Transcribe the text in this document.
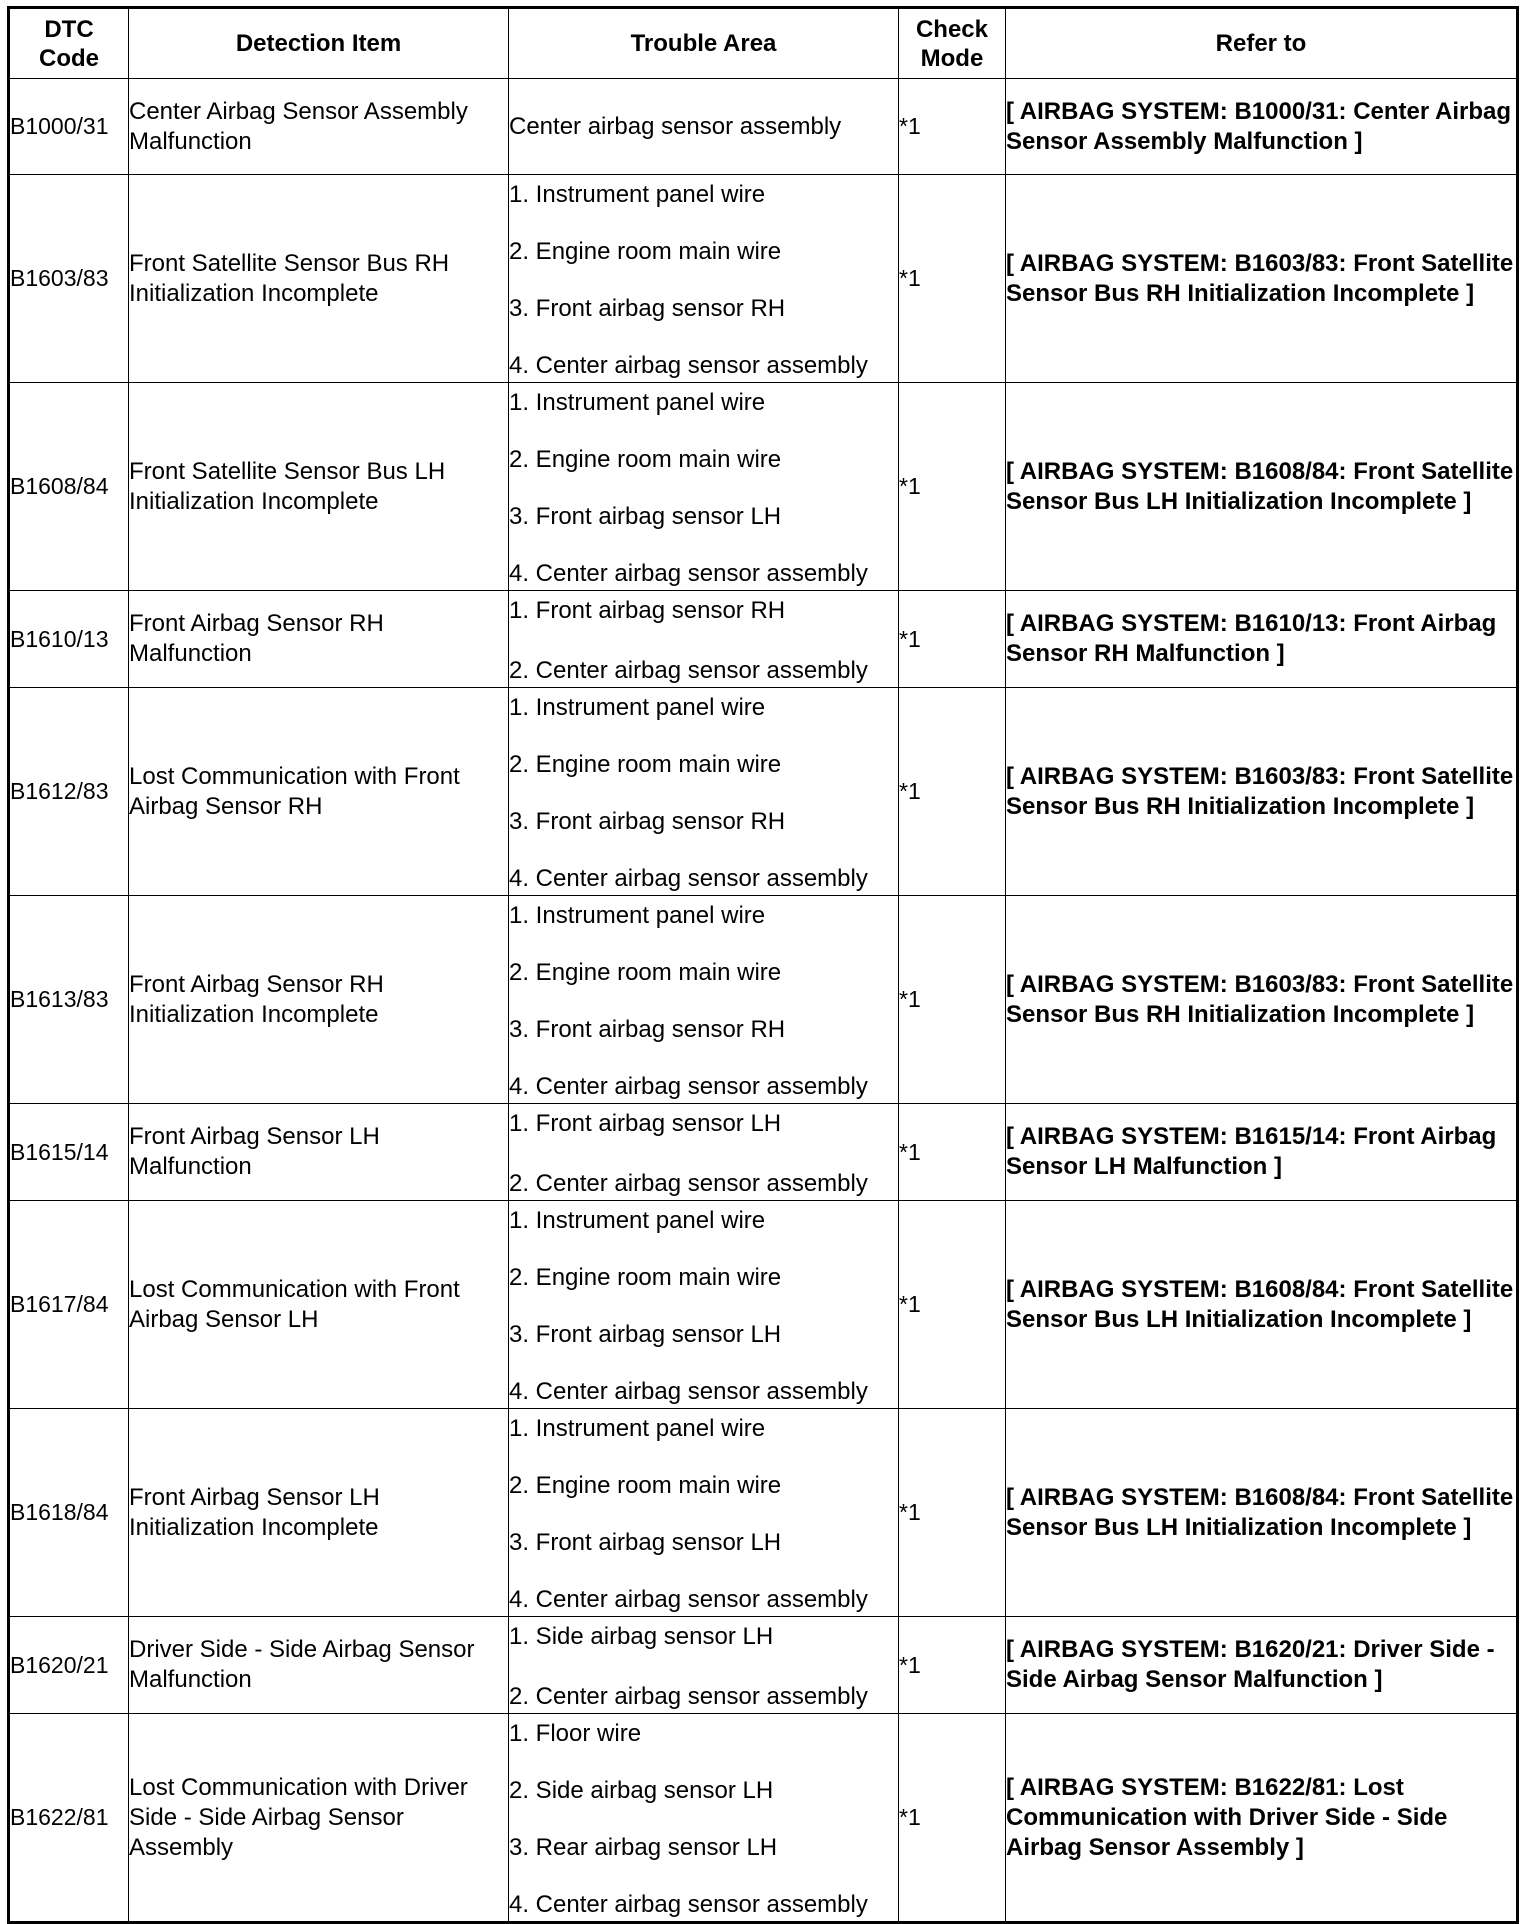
DTC
Code	Detection Item	Trouble Area	Check
Mode	Refer to
B1000/31	Center Airbag Sensor Assembly Malfunction	Center airbag sensor assembly	*1	[ AIRBAG SYSTEM: B1000/31: Center Airbag Sensor Assembly Malfunction ]
B1603/83	Front Satellite Sensor Bus RH Initialization Incomplete	1. Instrument panel wire
2. Engine room main wire
3. Front airbag sensor RH
4. Center airbag sensor assembly	*1	[ AIRBAG SYSTEM: B1603/83: Front Satellite Sensor Bus RH Initialization Incomplete ]
B1608/84	Front Satellite Sensor Bus LH Initialization Incomplete	1. Instrument panel wire
2. Engine room main wire
3. Front airbag sensor LH
4. Center airbag sensor assembly	*1	[ AIRBAG SYSTEM: B1608/84: Front Satellite Sensor Bus LH Initialization Incomplete ]
B1610/13	Front Airbag Sensor RH Malfunction	1. Front airbag sensor RH
2. Center airbag sensor assembly	*1	[ AIRBAG SYSTEM: B1610/13: Front Airbag Sensor RH Malfunction ]
B1612/83	Lost Communication with Front Airbag Sensor RH	1. Instrument panel wire
2. Engine room main wire
3. Front airbag sensor RH
4. Center airbag sensor assembly	*1	[ AIRBAG SYSTEM: B1603/83: Front Satellite Sensor Bus RH Initialization Incomplete ]
B1613/83	Front Airbag Sensor RH Initialization Incomplete	1. Instrument panel wire
2. Engine room main wire
3. Front airbag sensor RH
4. Center airbag sensor assembly	*1	[ AIRBAG SYSTEM: B1603/83: Front Satellite Sensor Bus RH Initialization Incomplete ]
B1615/14	Front Airbag Sensor LH Malfunction	1. Front airbag sensor LH
2. Center airbag sensor assembly	*1	[ AIRBAG SYSTEM: B1615/14: Front Airbag Sensor LH Malfunction ]
B1617/84	Lost Communication with Front Airbag Sensor LH	1. Instrument panel wire
2. Engine room main wire
3. Front airbag sensor LH
4. Center airbag sensor assembly	*1	[ AIRBAG SYSTEM: B1608/84: Front Satellite Sensor Bus LH Initialization Incomplete ]
B1618/84	Front Airbag Sensor LH Initialization Incomplete	1. Instrument panel wire
2. Engine room main wire
3. Front airbag sensor LH
4. Center airbag sensor assembly	*1	[ AIRBAG SYSTEM: B1608/84: Front Satellite Sensor Bus LH Initialization Incomplete ]
B1620/21	Driver Side - Side Airbag Sensor Malfunction	1. Side airbag sensor LH
2. Center airbag sensor assembly	*1	[ AIRBAG SYSTEM: B1620/21: Driver Side - Side Airbag Sensor Malfunction ]
B1622/81	Lost Communication with Driver Side - Side Airbag Sensor Assembly	1. Floor wire
2. Side airbag sensor LH
3. Rear airbag sensor LH
4. Center airbag sensor assembly	*1	[ AIRBAG SYSTEM: B1622/81: Lost Communication with Driver Side - Side Airbag Sensor Assembly ]
